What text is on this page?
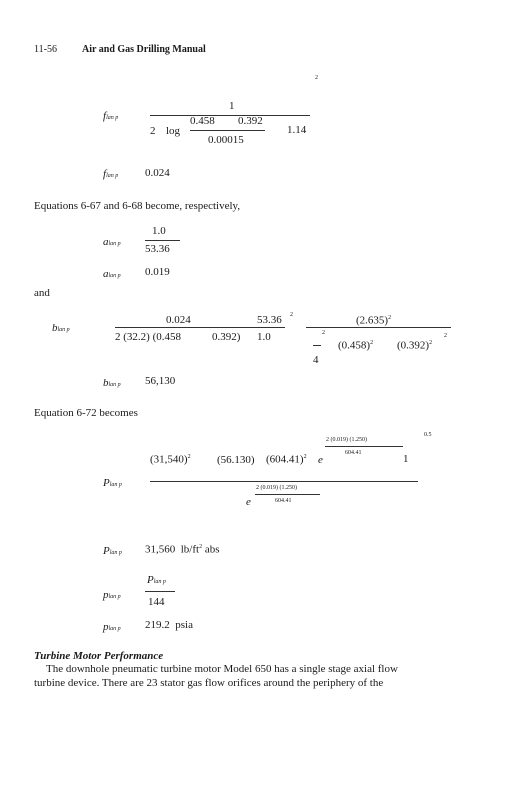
11-56	Air and Gas Drilling Manual
2
flan p
1
2 log
0.458 0.392
0.00015
1.14
flan p 0.024
Equations 6-67 and 6-68 become, respectively,
alan p
1.0
53.36
alan p 0.019
and
blan p
0.024
2 (32.2) (0.458	0.392)
53.36 2
1.0
$(2.635)^2$
2
4
$(0.458)^2$ $(0.392)^2$
2
blan p 56,130
Equation 6-72 becomes
0.5
2 (0.019) (1.250)
604.41
$(31,540)^2$ (56.130) $(604.41)^2$ e	1
Plan p	2 (0.019) (1.250)
e	604.41
Plan p 31,560 $lb/ft^2$ abs
Plan p
plan p 144
plan p 219.2 psia
Turbine Motor Performance
The downhole pneumatic turbine motor Model 650 has a single stage axial flow
turbine device. There are 23 stator gas flow orifices around the periphery of the
